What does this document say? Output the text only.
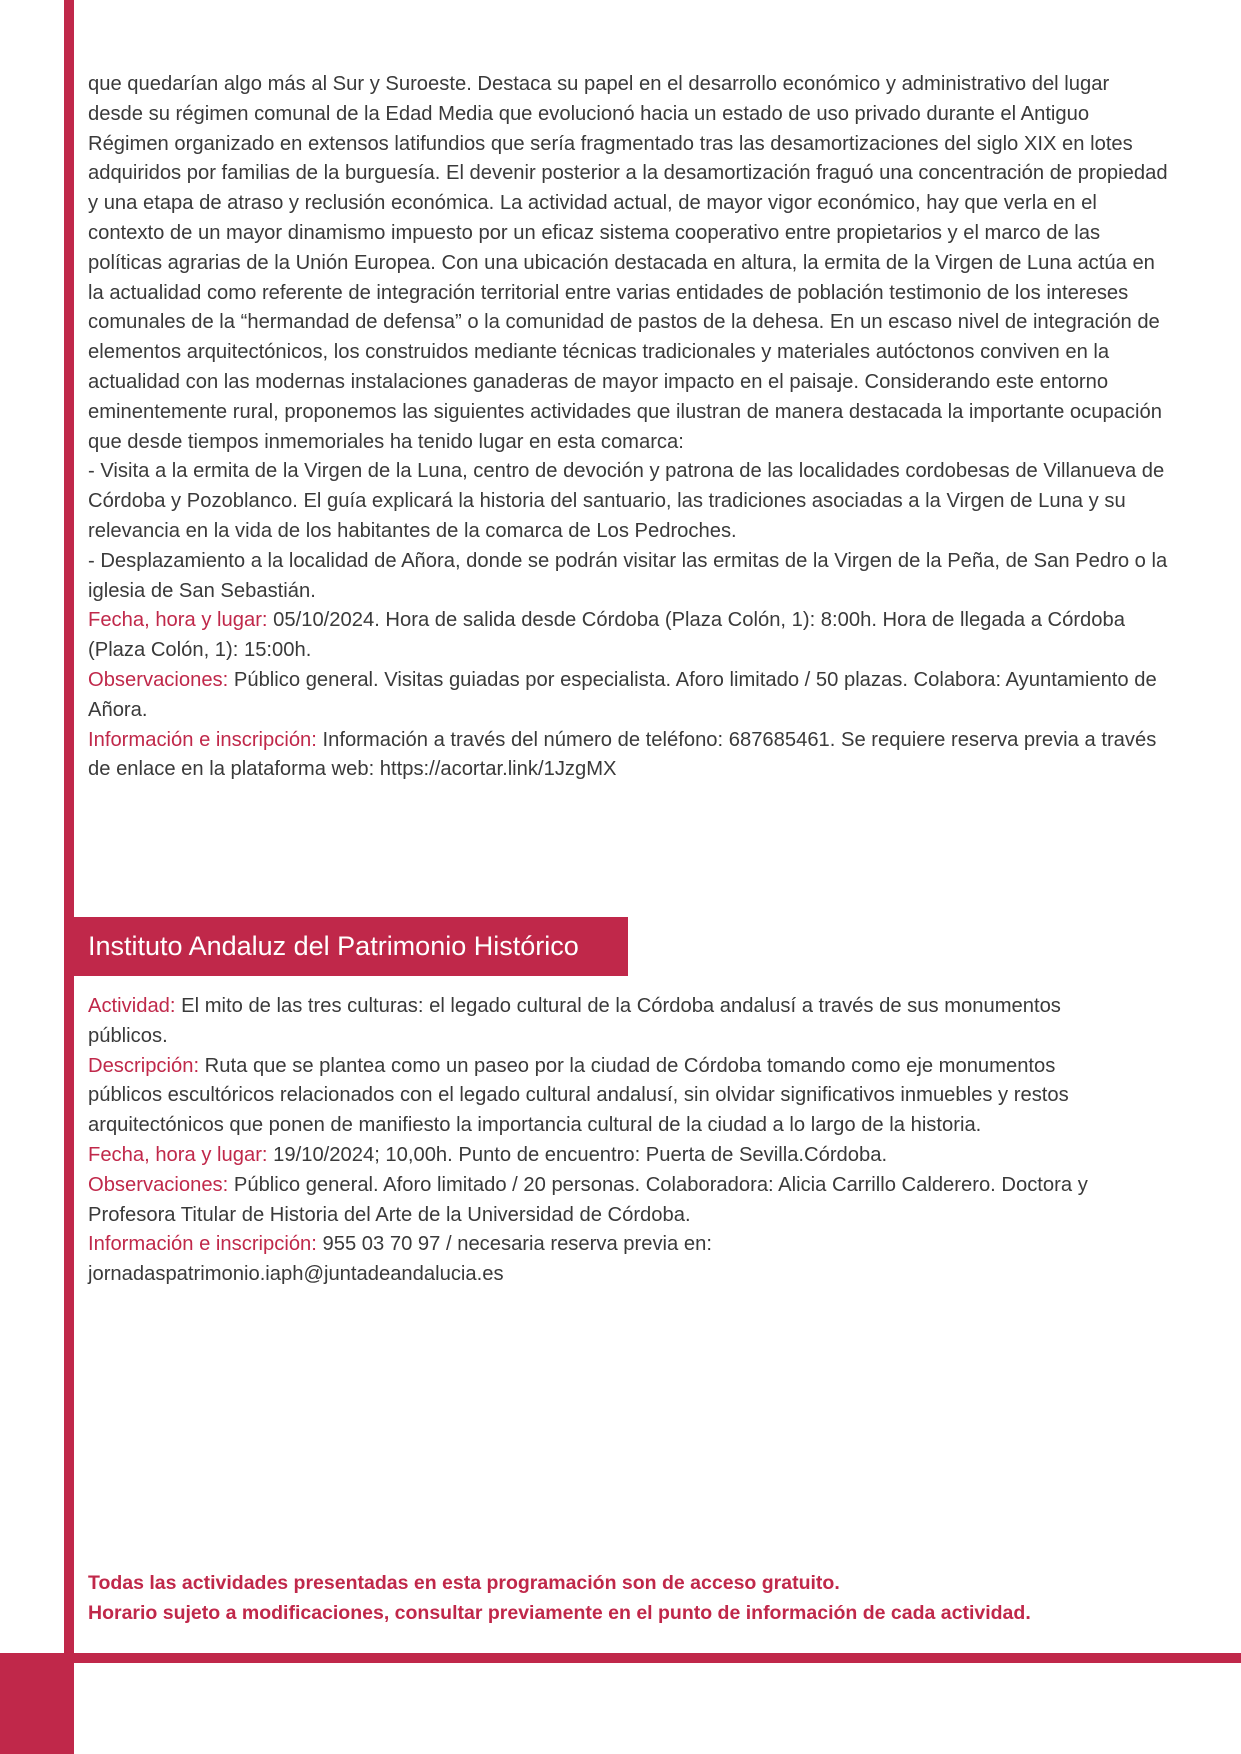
que quedarían algo más al Sur y Suroeste. Destaca su papel en el desarrollo económico y administrativo del lugar desde su régimen comunal de la Edad Media que evolucionó hacia un estado de uso privado durante el Antiguo Régimen organizado en extensos latifundios que sería fragmentado tras las desamortizaciones del siglo XIX en lotes adquiridos por familias de la burguesía. El devenir posterior a la desamortización fraguó una concentración de propiedad y una etapa de atraso y reclusión económica. La actividad actual, de mayor vigor económico, hay que verla en el contexto de un mayor dinamismo impuesto por un eficaz sistema cooperativo entre propietarios y el marco de las políticas agrarias de la Unión Europea. Con una ubicación destacada en altura, la ermita de la Virgen de Luna actúa en la actualidad como referente de integración territorial entre varias entidades de población testimonio de los intereses comunales de la “hermandad de defensa” o la comunidad de pastos de la dehesa. En un escaso nivel de integración de elementos arquitectónicos, los construidos mediante técnicas tradicionales y materiales autóctonos conviven en la actualidad con las modernas instalaciones ganaderas de mayor impacto en el paisaje. Considerando este entorno eminentemente rural, proponemos las siguientes actividades que ilustran de manera destacada la importante ocupación que desde tiempos inmemoriales ha tenido lugar en esta comarca:

- Visita a la ermita de la Virgen de la Luna, centro de devoción y patrona de las localidades cordobesas de Villanueva de Córdoba y Pozoblanco. El guía explicará la historia del santuario, las tradiciones asociadas a la Virgen de Luna y su relevancia en la vida de los habitantes de la comarca de Los Pedroches.

- Desplazamiento a la localidad de Añora, donde se podrán visitar las ermitas de la Virgen de la Peña, de San Pedro o la iglesia de San Sebastián.

Fecha, hora y lugar: 05/10/2024. Hora de salida desde Córdoba (Plaza Colón, 1): 8:00h. Hora de llegada a Córdoba (Plaza Colón, 1): 15:00h.

Observaciones: Público general. Visitas guiadas por especialista. Aforo limitado / 50 plazas. Colabora: Ayuntamiento de Añora.

Información e inscripción: Información a través del número de teléfono: 687685461. Se requiere reserva previa a través de enlace en la plataforma web: https://acortar.link/1JzgMX

Instituto Andaluz del Patrimonio Histórico

Actividad: El mito de las tres culturas: el legado cultural de la Córdoba andalusí a través de sus monumentos públicos.

Descripción: Ruta que se plantea como un paseo por la ciudad de Córdoba tomando como eje monumentos públicos escultóricos relacionados con el legado cultural andalusí, sin olvidar significativos inmuebles y restos arquitectónicos que ponen de manifiesto la importancia cultural de la ciudad a lo largo de la historia.

Fecha, hora y lugar: 19/10/2024; 10,00h. Punto de encuentro: Puerta de Sevilla.Córdoba.

Observaciones: Público general. Aforo limitado / 20 personas. Colaboradora: Alicia Carrillo Calderero. Doctora y Profesora Titular de Historia del Arte de la Universidad de Córdoba.

Información e inscripción: 955 03 70 97 / necesaria reserva previa en: jornadaspatrimonio.iaph@juntadeandalucia.es

Todas las actividades presentadas en esta programación son de acceso gratuito.

Horario sujeto a modificaciones, consultar previamente en el punto de información de cada actividad.
